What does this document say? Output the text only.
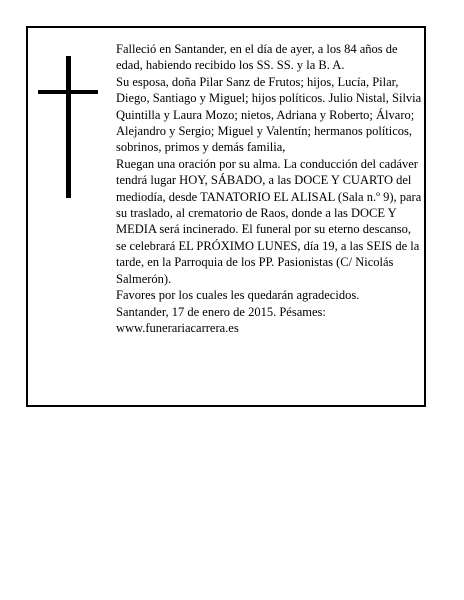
Falleció en Santander, en el día de ayer, a los 84 años de edad, habiendo recibido los SS. SS. y la B. A.

Su esposa, doña Pilar Sanz de Frutos; hijos, Lucía, Pilar, Diego, Santiago y Miguel; hijos políticos. Julio Nistal, Silvia Quintilla y Laura Mozo; nietos, Adriana y Roberto; Álvaro; Alejandro y Sergio; Miguel y Valentín; hermanos políticos, sobrinos, primos y demás familia,

Ruegan una oración por su alma. La conducción del cadáver tendrá lugar HOY, SÁBADO, a las DOCE Y CUARTO del mediodía, desde TANATORIO EL ALISAL (Sala n.º 9), para su traslado, al crematorio de Raos, donde a las DOCE Y MEDIA será incinerado. El funeral por su eterno descanso, se celebrará EL PRÓXIMO LUNES, día 19, a las SEIS de la tarde, en la Parroquia de los PP. Pasionistas (C/ Nicolás Salmerón).

Favores por los cuales les quedarán agradecidos.

Santander, 17 de enero de 2015. Pésames: www.funerariacarrera.es
